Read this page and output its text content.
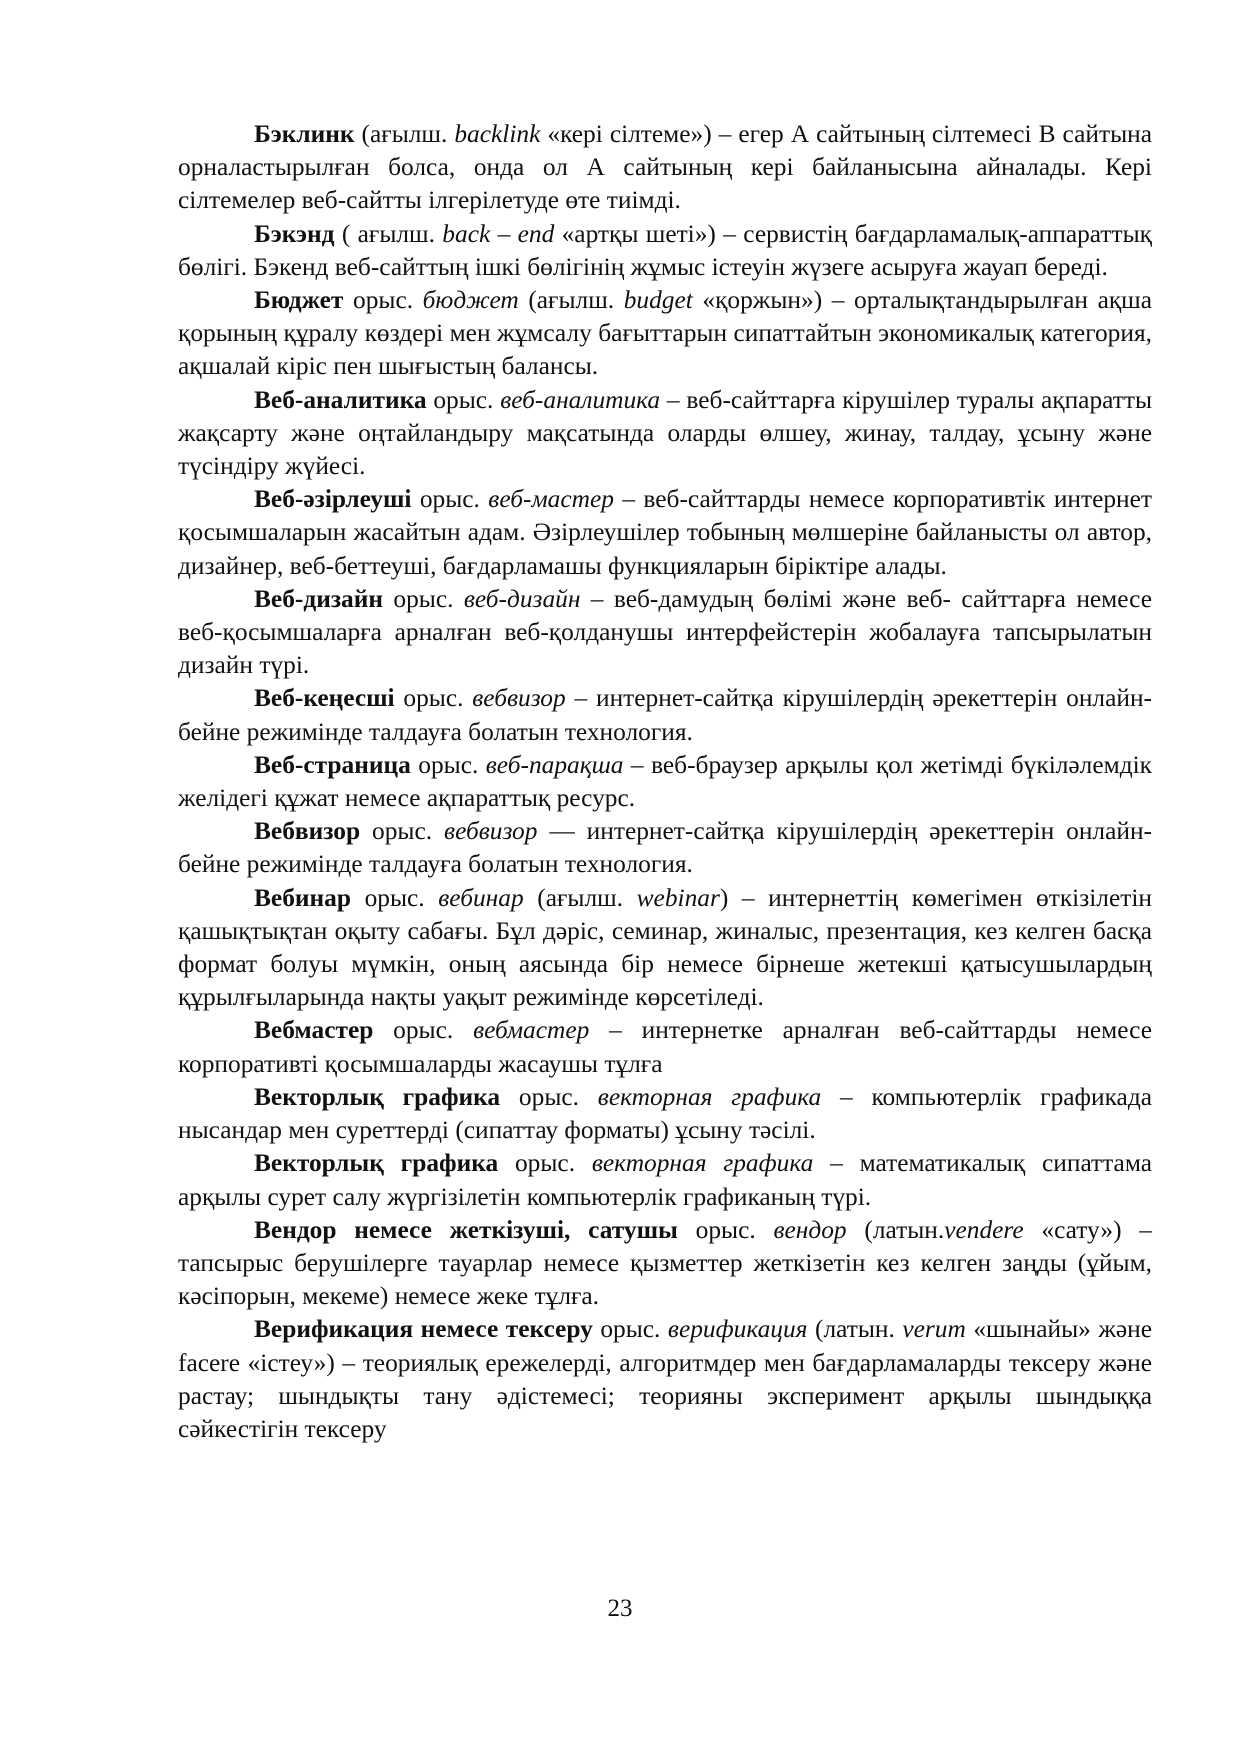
Бэклинк (ағылш. backlink «кері сілтеме») – егер А сайтының сілтемесі В сайтына орналастырылған болса, онда ол А сайтының кері байланысына айналады. Кері сілтемелер веб-сайтты ілгерілетуде өте тиімді.

Бэкэнд ( ағылш. back – end «артқы шеті») – сервистің бағдарламалық-аппараттық бөлігі. Бэкенд веб-сайттың ішкі бөлігінің жұмыс істеуін жүзеге асыруға жауап береді.

Бюджет орыс. бюджет (ағылш. budget «қоржын») – орталықтандырылған ақша қорының құралу көздері мен жұмсалу бағыттарын сипаттайтын экономикалық категория, ақшалай кіріс пен шығыстың балансы.

Веб-аналитика орыс. веб-аналитика – веб-сайттарға кірушілер туралы ақпаратты жақсарту және оңтайландыру мақсатында оларды өлшеу, жинау, талдау, ұсыну және түсіндіру жүйесі.

Веб-әзірлеуші орыс. веб-мастер – веб-сайттарды немесе корпоративтік интернет қосымшаларын жасайтын адам. Әзірлеушілер тобының мөлшеріне байланысты ол автор, дизайнер, веб-беттеуші, бағдарламашы функцияларын біріктіре алады.

Веб-дизайн орыс. веб-дизайн – веб-дамудың бөлімі және веб- сайттарға немесе веб-қосымшаларға арналған веб-қолданушы интерфейстерін жобалауға тапсырылатын дизайн түрі.

Веб-кеңесші орыс. вебвизор – интернет-сайтқа кірушілердің әрекеттерін онлайн-бейне режимінде талдауға болатын технология.

Веб-страница орыс. веб-парақша – веб-браузер арқылы қол жетімді бүкіләлемдік желідегі құжат немесе ақпараттық ресурс.

Вебвизор орыс. вебвизор — интернет-сайтқа кірушілердің әрекеттерін онлайн-бейне режимінде талдауға болатын технология.

Вебинар орыс. вебинар (ағылш. webinar) – интернеттің көмегімен өткізілетін қашықтықтан оқыту сабағы. Бұл дәріс, семинар, жиналыс, презентация, кез келген басқа формат болуы мүмкін, оның аясында бір немесе бірнеше жетекші қатысушылардың құрылғыларында нақты уақыт режимінде көрсетіледі.

Вебмастер орыс. вебмастер – интернетке арналған веб-сайттарды немесе корпоративті қосымшаларды жасаушы тұлға

Векторлық графика орыс. векторная графика – компьютерлік графикада нысандар мен суреттерді (сипаттау форматы) ұсыну тәсілі.

Векторлық графика орыс. векторная графика – математикалық сипаттама арқылы сурет салу жүргізілетін компьютерлік графиканың түрі.

Вендор немесе жеткізуші, сатушы орыс. вендор (латын.vendere «сату») – тапсырыс берушілерге тауарлар немесе қызметтер жеткізетін кез келген заңды (ұйым, кәсіпорын, мекеме) немесе жеке тұлға.

Верификация немесе тексеру орыс. верификация (латын. verum «шынайы» және facere «істеу») – теориялық ережелерді, алгоритмдер мен бағдарламаларды тексеру және растау; шындықты тану әдістемесі; теорияны эксперимент арқылы шындыққа сәйкестігін тексеру

23
